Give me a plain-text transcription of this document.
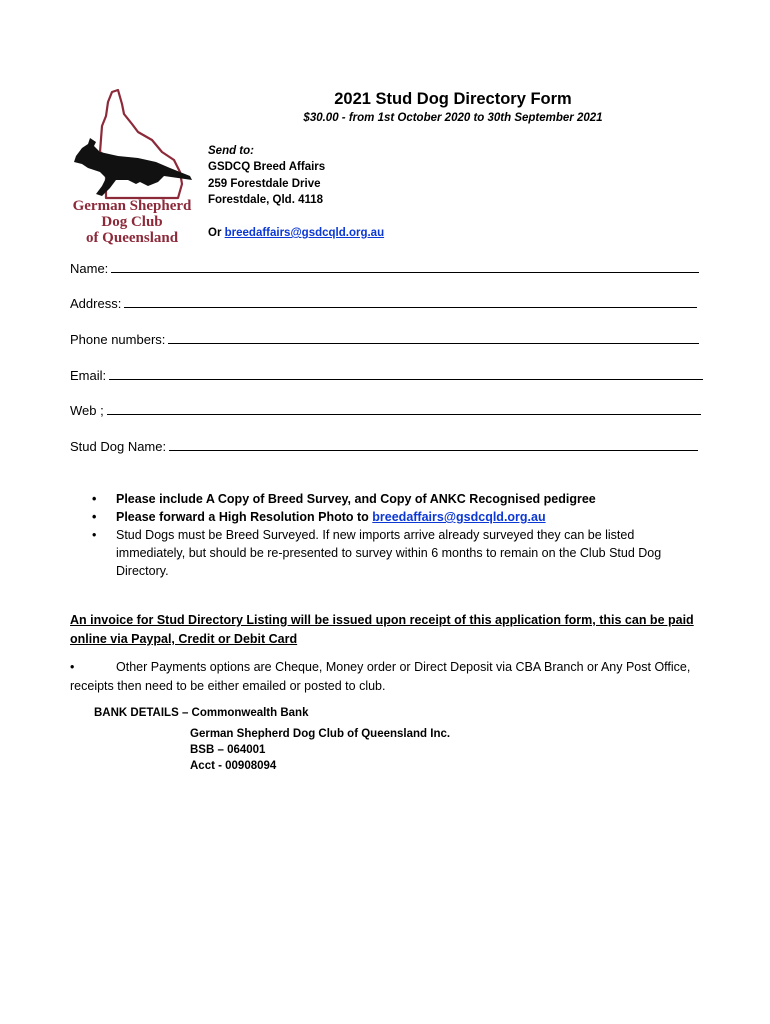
German Shepherd
Dog Club
of Queensland
2021 Stud Dog Directory Form
$30.00 - from 1st October 2020 to 30th September 2021
Send to:
GSDCQ Breed Affairs
259 Forestdale Drive
Forestdale, Qld. 4118
Or breedaffairs@gsdcqld.org.au
Name:
Address:
Phone numbers:
Email:
Web ;
Stud Dog Name:
• Please include A Copy of Breed Survey, and Copy of ANKC Recognised pedigree
• Please forward a High Resolution Photo to breedaffairs@gsdcqld.org.au
• Stud Dogs must be Breed Surveyed. If new imports arrive already surveyed they can be listed immediately, but should be re-presented to survey within 6 months to remain on the Club Stud Dog Directory.
An invoice for Stud Directory Listing will be issued upon receipt of this application form, this can be paid online via Paypal, Credit or Debit Card
•	Other Payments options are Cheque, Money order or Direct Deposit via CBA Branch or Any Post Office, receipts then need to be either emailed or posted to club.
BANK DETAILS – Commonwealth Bank
German Shepherd Dog Club of Queensland Inc.
BSB – 064001
Acct - 00908094
